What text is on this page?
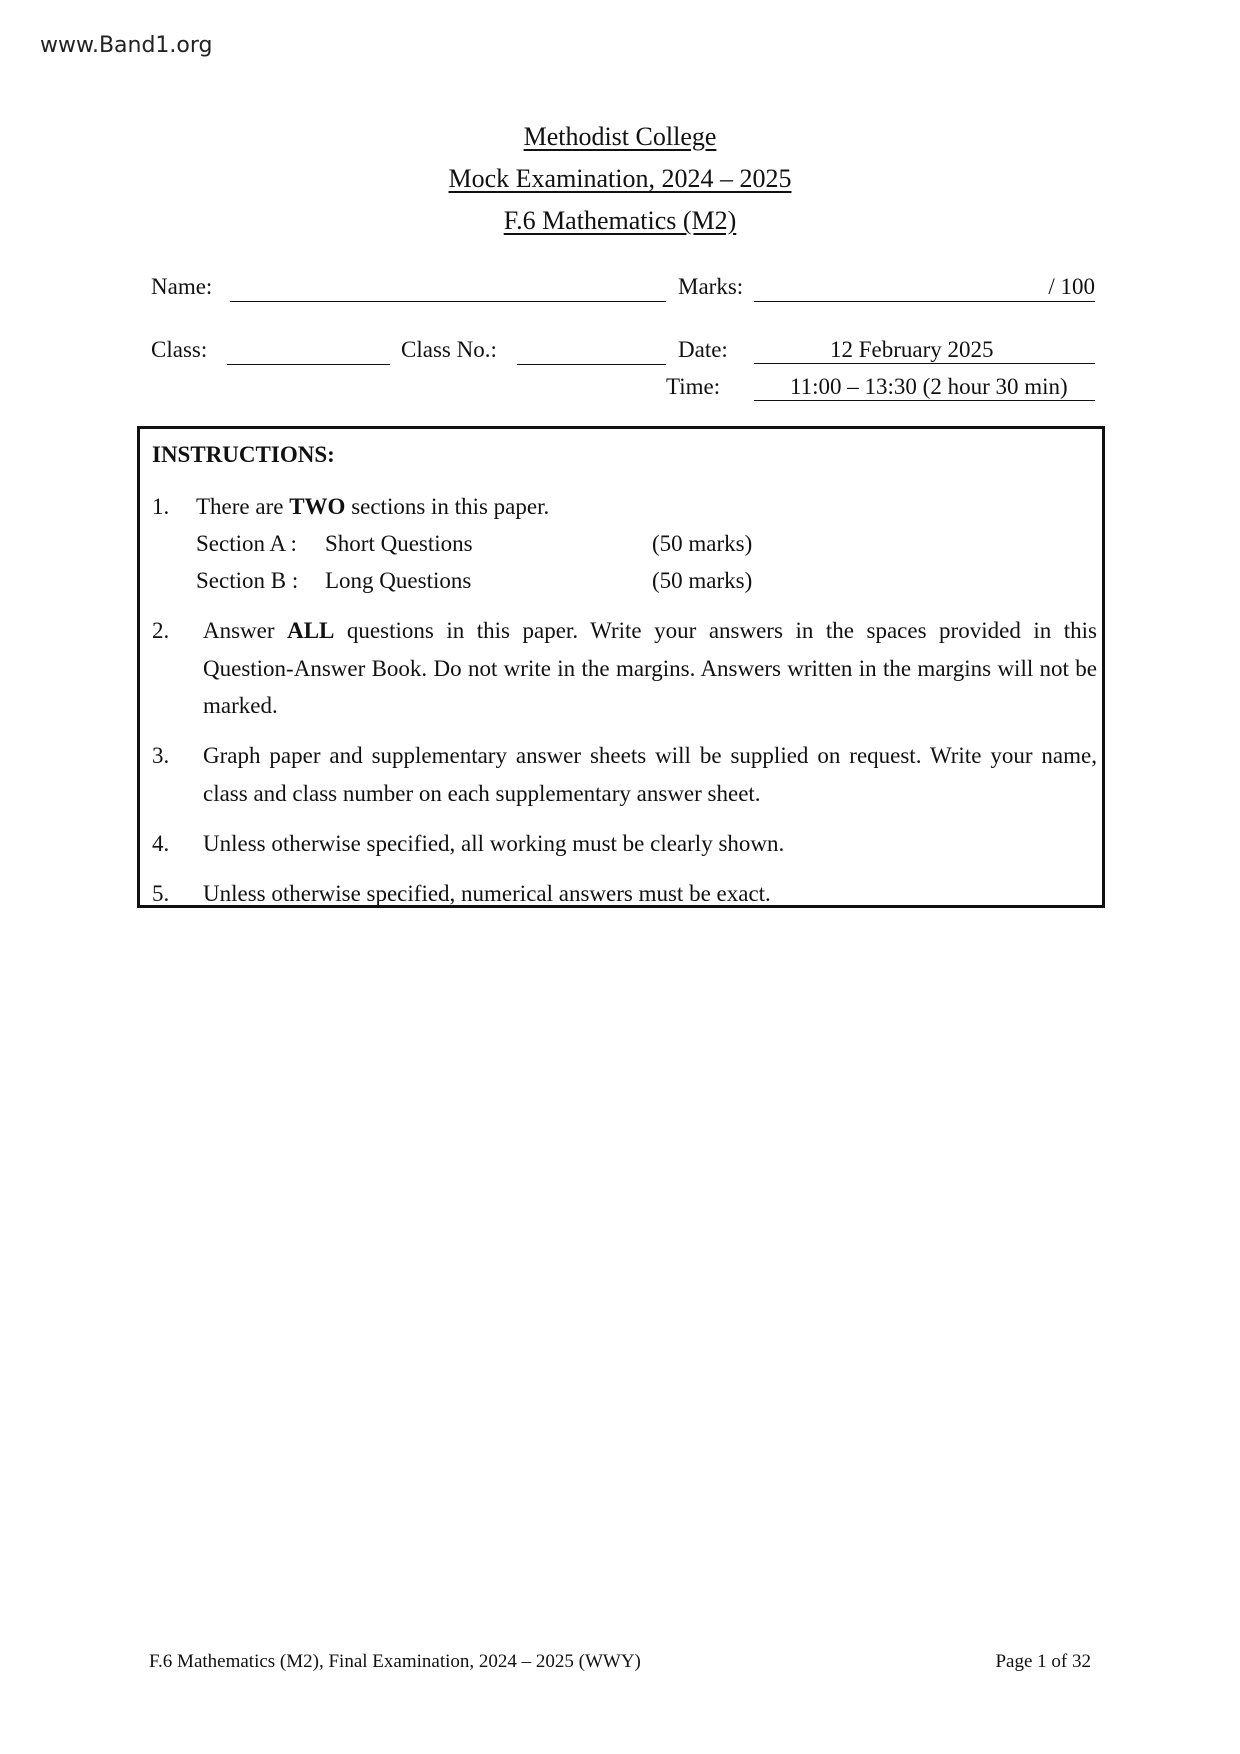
www.Band1.org
Methodist College
Mock Examination, 2024 – 2025
F.6 Mathematics (M2)
Name:	Marks:	/ 100
Class:	Class No.:	Date:	12 February 2025
Time:	11:00 – 13:30 (2 hour 30 min)
INSTRUCTIONS:
1. There are TWO sections in this paper.
Section A : Short Questions	(50 marks)
Section B : Long Questions	(50 marks)
2. Answer ALL questions in this paper. Write your answers in the spaces provided in this Question-Answer Book. Do not write in the margins. Answers written in the margins will not be marked.
3. Graph paper and supplementary answer sheets will be supplied on request. Write your name, class and class number on each supplementary answer sheet.
4. Unless otherwise specified, all working must be clearly shown.
5. Unless otherwise specified, numerical answers must be exact.
F.6 Mathematics (M2), Final Examination, 2024 – 2025 (WWY)	Page 1 of 32
